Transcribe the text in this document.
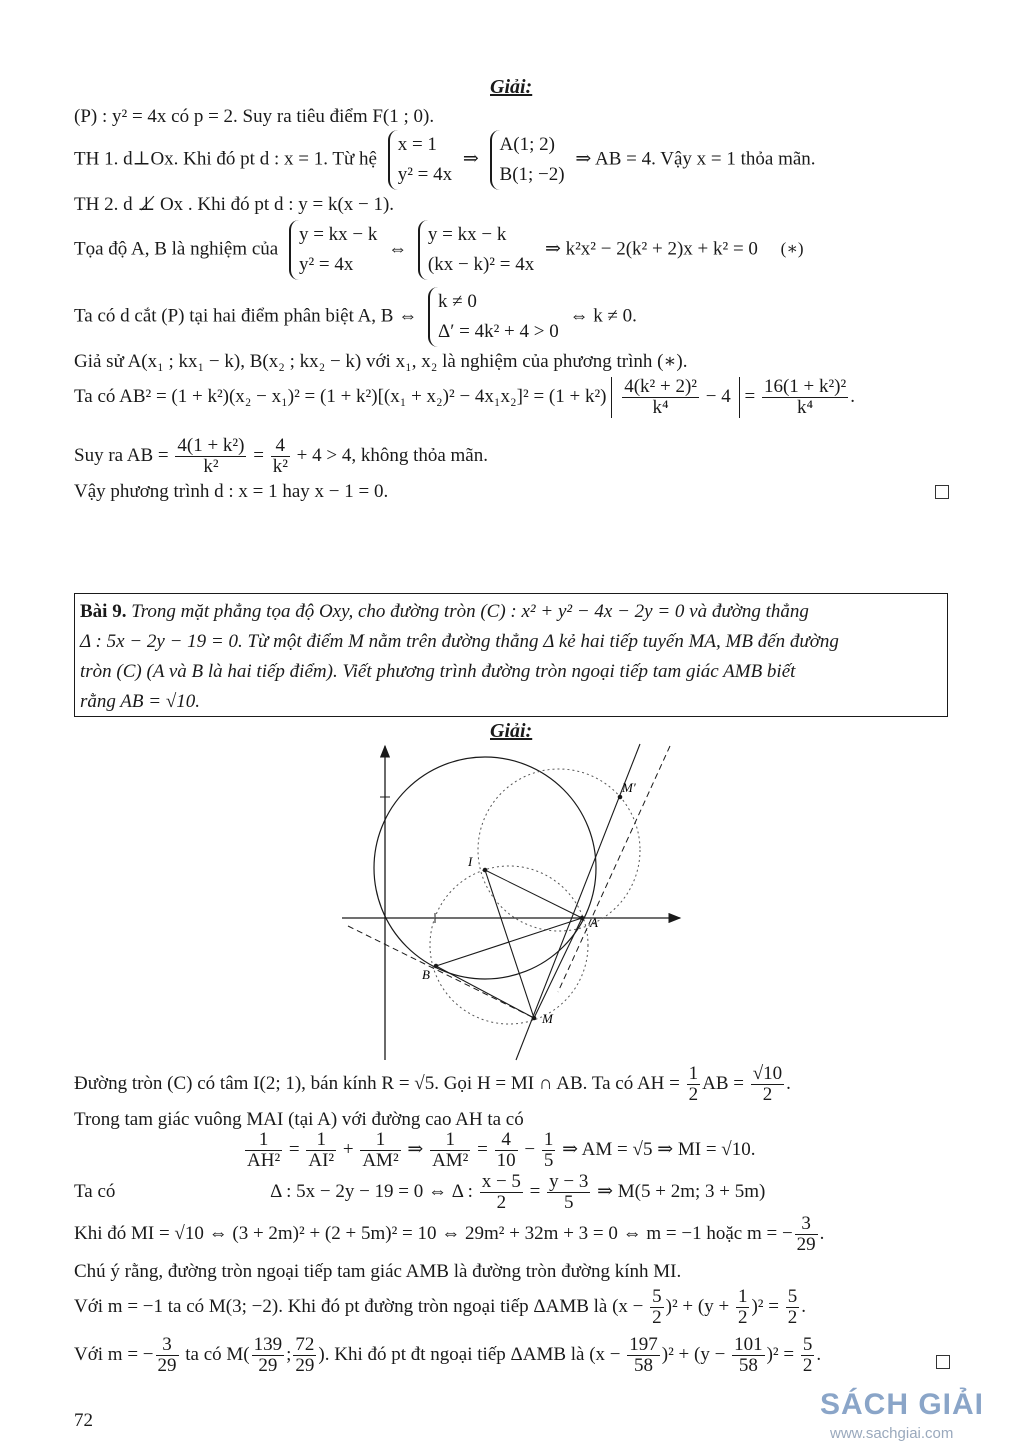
Giải:
(P) : y² = 4x có p = 2. Suy ra tiêu điểm F(1 ; 0).
TH 1. d⊥Ox. Khi đó pt d : x = 1. Từ hệ
x = 1
y² = 4x
⇒
A(1; 2)
B(1; −2)
⇒ AB = 4. Vậy x = 1 thỏa mãn.
TH 2. d ⊥̸ Ox . Khi đó pt d : y = k(x − 1).
Tọa độ A, B là nghiệm của
y = kx − k
y² = 4x
⇔
y = kx − k
(kx − k)² = 4x
⇒ k²x² − 2(k² + 2)x + k² = 0 (∗)
Ta có d cắt (P) tại hai điểm phân biệt A, B ⇔
k ≠ 0
Δ′ = 4k² + 4 > 0
⇔ k ≠ 0.
Giả sử A(x₁ ; kx₁ − k), B(x₂ ; kx₂ − k) với x₁, x₂ là nghiệm của phương trình (∗).
Ta có $AB^2 = (1 + k^2)(x_2 - x_1)^2 = (1 + k^2)[(x_1 + x_2)^2 - 4x_1x_2]^2 = (1 + k^2) \frac{\text{4(k² + 2)²}}{\text{k⁴}} - 4 = \frac{\text{16(1 + k²)²}}{\text{k⁴}}$ .
Suy ra AB = $\frac{\text{4(1 + k²)}}{\text{k²}} = \frac{4}{\text{k²}} + 4 > 4$, không thỏa mãn.
Vậy phương trình d : x = 1 hay x − 1 = 0.
Bài 9. Trong mặt phẳng tọa độ Oxy, cho đường tròn (C) : x² + y² − 4x − 2y = 0 và đường thẳng
Δ : 5x − 2y − 19 = 0. Từ một điểm M nằm trên đường thẳng Δ kẻ hai tiếp tuyến MA, MB đến đường
tròn (C) (A và B là hai tiếp điểm). Viết phương trình đường tròn ngoại tiếp tam giác AMB biết
rằng AB = √10.
Giải:
I
A
B
M
M′
Đường tròn (C) có tâm I(2; 1), bán kính R = √5. Gọi H = MI ∩ AB. Ta có AH = $\frac{1}{2}$ AB = $\frac{√10}{2}$ .
Trong tam giác vuông MAI (tại A) với đường cao AH ta có
$\frac{1}{\text{AH²}} = \frac{1}{\text{AI²}} + \frac{1}{\text{AM²}}$ ⇒ $\frac{1}{\text{AM²}} = \frac{4}{10} - \frac{1}{5}$ ⇒ AM = √5 ⇒ MI = √10.
Ta có	Δ : 5x − 2y − 19 = 0 ⇔ Δ : $\frac{x - 5}{2} = \frac{y - 3}{5}$ ⇒ M(5 + 2m; 3 + 5m)
Khi đó MI = √10 ⇔ (3 + 2m)² + (2 + 5m)² = 10 ⇔ 29m² + 32m + 3 = 0 ⇔ m = −1 hoặc m = − $\frac{3}{29}$ .
Chú ý rằng, đường tròn ngoại tiếp tam giác AMB là đường tròn đường kính MI.
Với m = −1 ta có M(3; −2). Khi đó pt đường tròn ngoại tiếp ΔAMB là $(x - \frac{5}{2} )^2 + (y + \frac{1}{2} )^2 = \frac{5}{2}$ .
Với m = − $\frac{3}{29}$ ta có $M( \frac{139}{29}$ ; $\frac{72}{29}$ ). Khi đó pt đt ngoại tiếp ΔAMB là $(x - \frac{197}{58} )^2 + (y - \frac{101}{58} )^2 = \frac{5}{2}$ .
72	SÁCH GIẢI
www.sachgiai.com
